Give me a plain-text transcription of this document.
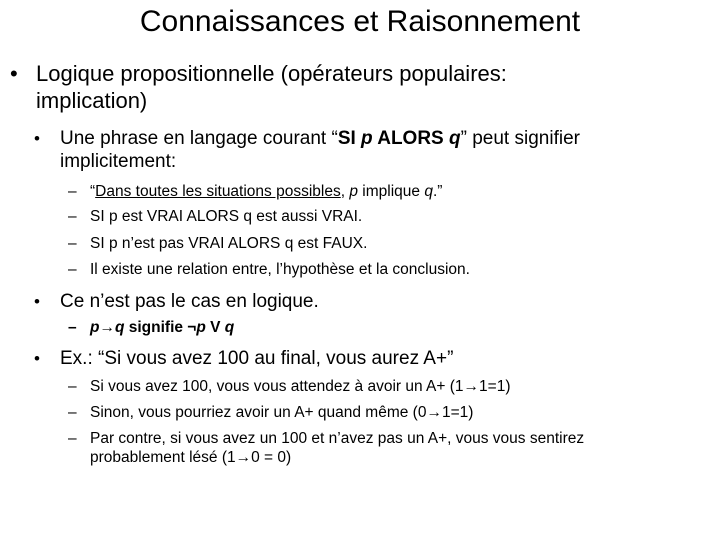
Connaissances et Raisonnement
• Logique propositionnelle (opérateurs populaires:
implication)
• Une phrase en langage courant “SI p ALORS q” peut signifier
implicitement:
– “Dans toutes les situations possibles, p implique q.”
– SI p est VRAI ALORS q est aussi VRAI.
– SI p n’est pas VRAI ALORS q est FAUX.
– Il existe une relation entre, l’hypothèse et la conclusion.
• Ce n’est pas le cas en logique.
– p→q signifie ¬p V q
• Ex.: “Si vous avez 100 au final, vous aurez A+”
– Si vous avez 100, vous vous attendez à avoir un A+ (1→1=1)
– Sinon, vous pourriez avoir un A+ quand même (0→1=1)
– Par contre, si vous avez un 100 et n’avez pas un A+, vous vous sentirez
probablement lésé (1→0 = 0)
